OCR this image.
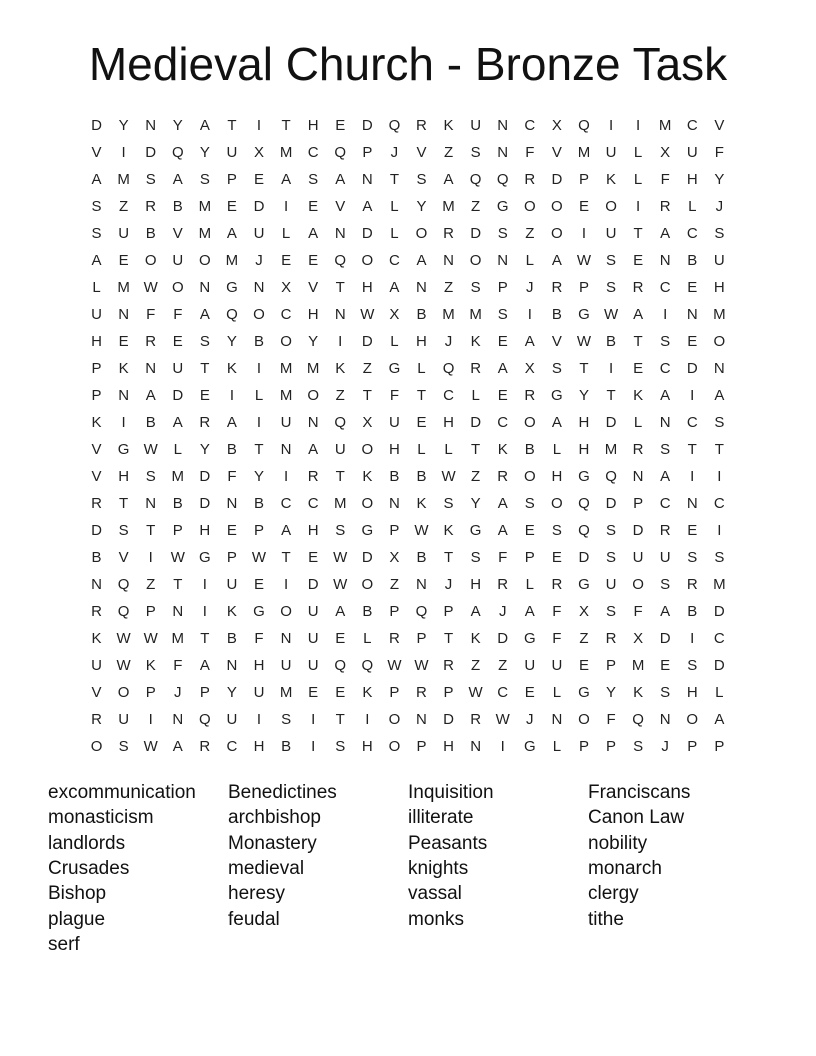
Medieval Church - Bronze Task
D	Y	N	Y	A	T	I	T	H	E	D	Q	R	K	U	N	C	X	Q	I	I	M	C	V
V	I	D	Q	Y	U	X	M	C	Q	P	J	V	Z	S	N	F	V	M	U	L	X	U	F
A	M	S	A	S	P	E	A	S	A	N	T	S	A	Q	Q	R	D	P	K	L	F	H	Y
S	Z	R	B	M	E	D	I	E	V	A	L	Y	M	Z	G	O	O	E	O	I	R	L	J
S	U	B	V	M	A	U	L	A	N	D	L	O	R	D	S	Z	O	I	U	T	A	C	S
A	E	O	U	O M	J	E	E	Q	O	C	A	N	O	N	L	A W S	E	N	B	U
L	M W O	N	G	N	X	V	T	H	A	N	Z	S	P	J	R	P	S	R	C	E	H
U	N	F	F	A	Q	O	C	H	N W X	B	M M	S	I	B	G W A	I	N	M
H	E	R	E	S	Y	B	O	Y	I	D	L	H	J	K	E	A	V W B	T	S	E	O
P	K	N	U	T	K	I	M M	K	Z	G	L	Q	R	A	X	S	T	I	E	C	D	N
P	N	A	D	E	I	L	M	O	Z	T	F	T	C	L	E	R	G	Y	T	K	A	I	A
K	I	B	A	R	A	I	U	N	Q	X	U	E	H	D	C	O	A	H	D	L	N	C	S
V	G W	L	Y	B	T	N	A	U	O	H	L	L	T	K	B	L	H	M	R	S	T	T
V	H	S	M	D	F	Y	I	R	T	K	B	B W	Z	R	O	H	G	Q	N	A	I	I
R	T	N	B	D	N	B	C	C	M	O	N	K	S	Y	A	S	O	Q	D	P	C	N	C
D	S	T	P	H	E	P	A	H	S	G	P W K	G	A	E	S	Q	S	D	R	E	I
B	V	I	W G	P W	T	E W D	X	B	T	S	F	P	E	D	S	U	U	S	S
N	Q	Z	T	I	U	E	I	D W O	Z	N	J	H	R	L	R	G	U	O	S	R	M
R	Q	P	N	I	K	G	O	U	A	B	P	Q	P	A	J	A	F	X	S	F	A	B	D
K W W M	T	B	F	N	U	E	L	R	P	T	K	D	G	F	Z	R	X	D	I	C
U W K	F	A	N	H	U	U	Q	Q W W R	Z	Z	U	U	E	P	M	E	S	D
V	O	P	J	P	Y	U	M	E	E	K	P	R	P W C	E	L	G	Y	K	S	H	L
R	U	I	N	Q	U	I	S	I	T	I	O	N	D	R W	J	N	O	F	Q	N	O	A
O	S W A	R	C	H	B	I	S	H	O	P	H	N	I	G	L	P	P	S	J	P	P
excommunication	Benedictines	Inquisition	Franciscans
monasticism	archbishop	illiterate	Canon Law
landlords	Monastery	Peasants	nobility
Crusades	medieval	knights	monarch
Bishop	heresy	vassal	clergy
plague	feudal	monks	tithe
serf
